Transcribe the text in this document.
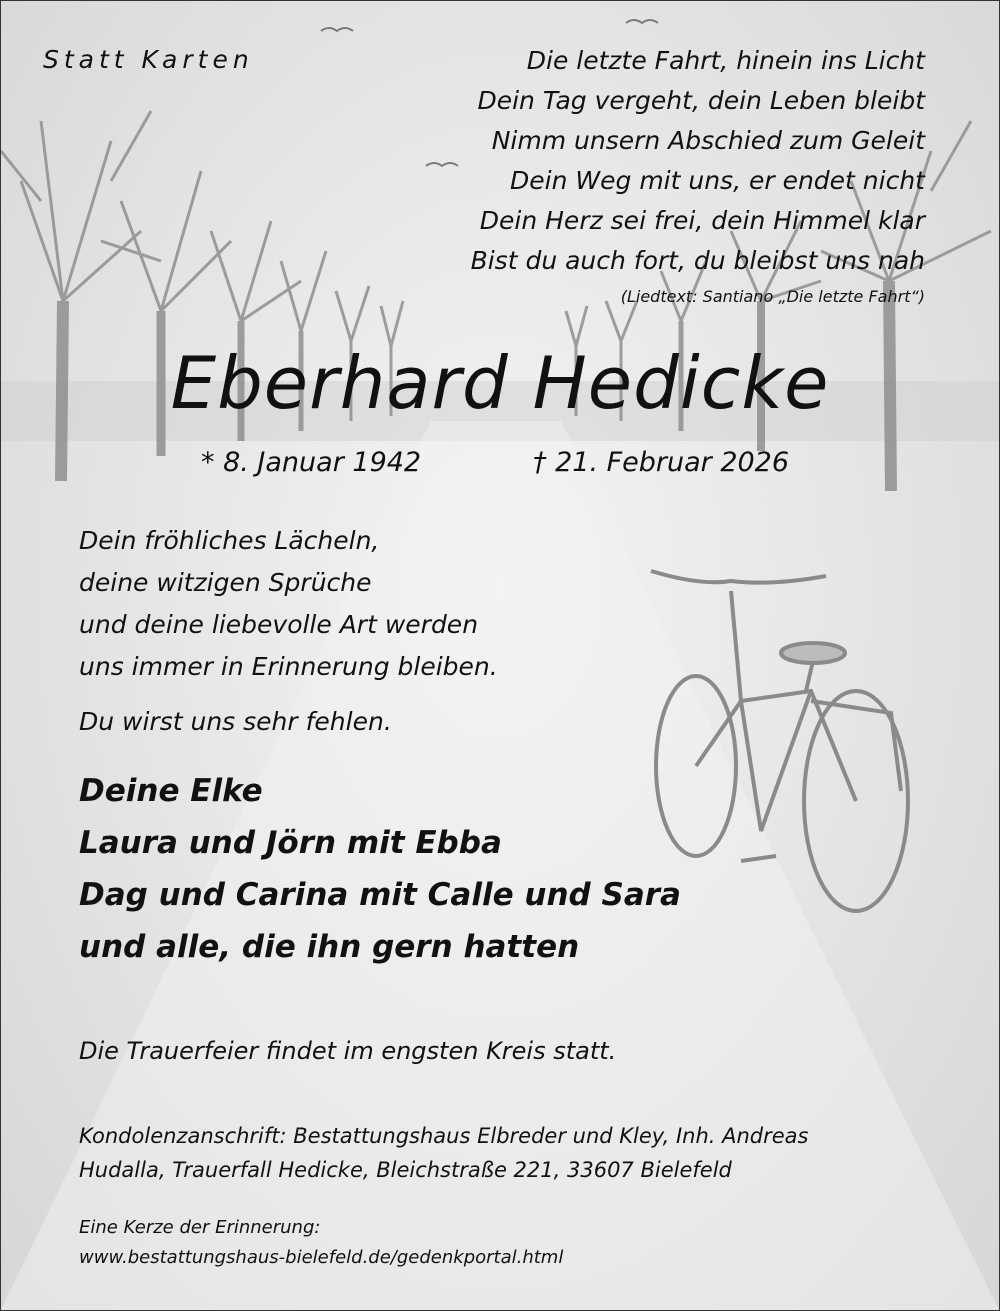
Statt Karten	Die letzte Fahrt, hinein ins Licht
Dein Tag vergeht, dein Leben bleibt
Nimm unsern Abschied zum Geleit
Dein Weg mit uns, er endet nicht
Dein Herz sei frei, dein Himmel klar
Bist du auch fort, du bleibst uns nah

(Liedtext: Santiano „Die letzte Fahrt“)

Eberhard Hedicke

* 8. Januar 1942	† 21. Februar 2026

Dein fröhliches Lächeln,
deine witzigen Sprüche
und deine liebevolle Art werden
uns immer in Erinnerung bleiben.

Du wirst uns sehr fehlen.

Deine Elke
Laura und Jörn mit Ebba
Dag und Carina mit Calle und Sara
und alle, die ihn gern hatten

Die Trauerfeier findet im engsten Kreis statt.

Kondolenzanschrift: Bestattungshaus Elbreder und Kley, Inh. Andreas
Hudalla, Trauerfall Hedicke, Bleichstraße 221, 33607 Bielefeld
Eine Kerze der Erinnerung:
www.bestattungshaus-bielefeld.de/gedenkportal.html
